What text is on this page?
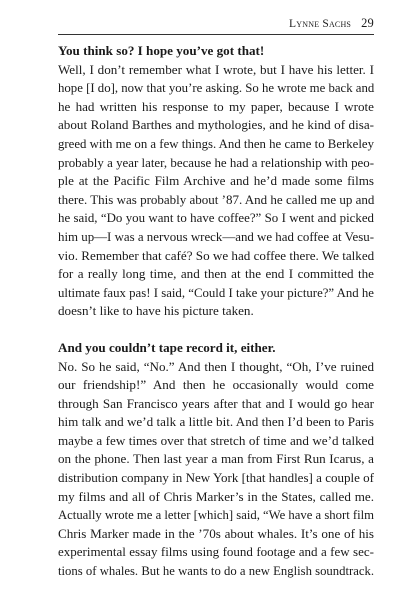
Lynne Sachs 29
You think so? I hope you’ve got that!
Well, I don’t remember what I wrote, but I have his letter. I
hope [I do], now that you’re asking. So he wrote me back and
he had written his response to my paper, because I wrote
about Roland Barthes and mythologies, and he kind of disa-
greed with me on a few things. And then he came to Berkeley
probably a year later, because he had a relationship with peo-
ple at the Pacific Film Archive and he’d made some films
there. This was probably about ’87. And he called me up and
he said, “Do you want to have coffee?” So I went and picked
him up—I was a nervous wreck—and we had coffee at Vesu-
vio. Remember that café? So we had coffee there. We talked
for a really long time, and then at the end I committed the
ultimate faux pas! I said, “Could I take your picture?” And he
doesn’t like to have his picture taken.
And you couldn’t tape record it, either.
No. So he said, “No.” And then I thought, “Oh, I’ve ruined
our friendship!” And then he occasionally would come
through San Francisco years after that and I would go hear
him talk and we’d talk a little bit. And then I’d been to Paris
maybe a few times over that stretch of time and we’d talked
on the phone. Then last year a man from First Run Icarus, a
distribution company in New York [that handles] a couple of
my films and all of Chris Marker’s in the States, called me.
Actually wrote me a letter [which] said, “We have a short film
Chris Marker made in the ’70s about whales. It’s one of his
experimental essay films using found footage and a few sec-
tions of whales. But he wants to do a new English soundtrack.
